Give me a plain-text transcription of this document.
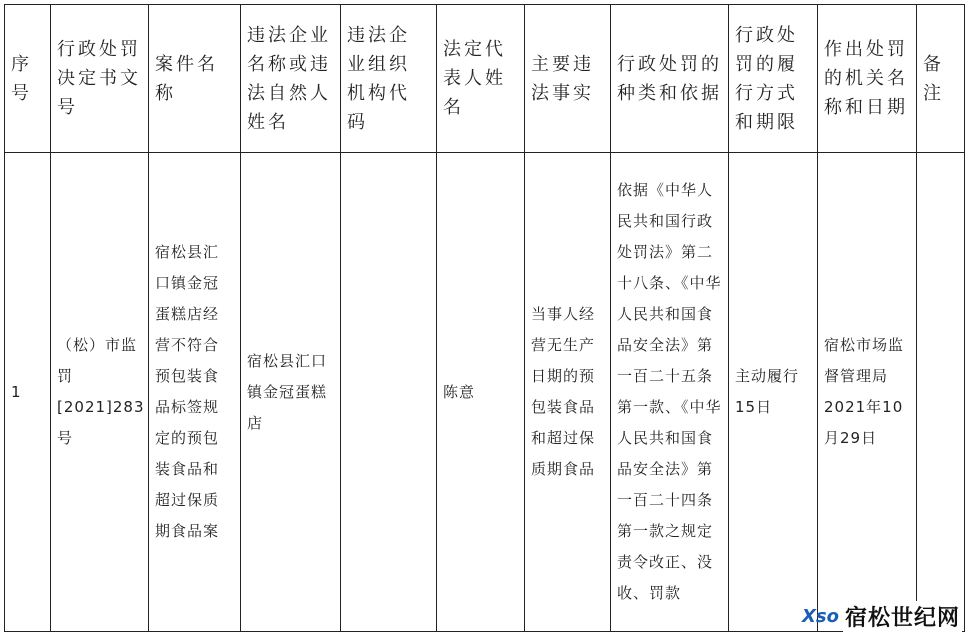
序号	行政处罚决定书文号	案件名称	违法企业名称或违法自然人姓名	违法企业组织机构代码	法定代表人姓名	主要违法事实	行政处罚的种类和依据	行政处罚的履行方式和期限	作出处罚的机关名称和日期	备注
1	（松）市监罚[2021]283号	宿松县汇口镇金冠蛋糕店经营不符合预包装食品标签规定的预包装食品和超过保质期食品案	宿松县汇口镇金冠蛋糕店		陈意	当事人经营无生产日期的预包装食品和超过保质期食品	依据《中华人民共和国行政处罚法》第二十八条、《中华人民共和国食品安全法》第一百二十五条第一款、《中华人民共和国食品安全法》第一百二十四条第一款之规定责令改正、没收、罚款	主动履行15日	宿松市场监督管理局2021年10月29日	
Xso 宿松世纪网
